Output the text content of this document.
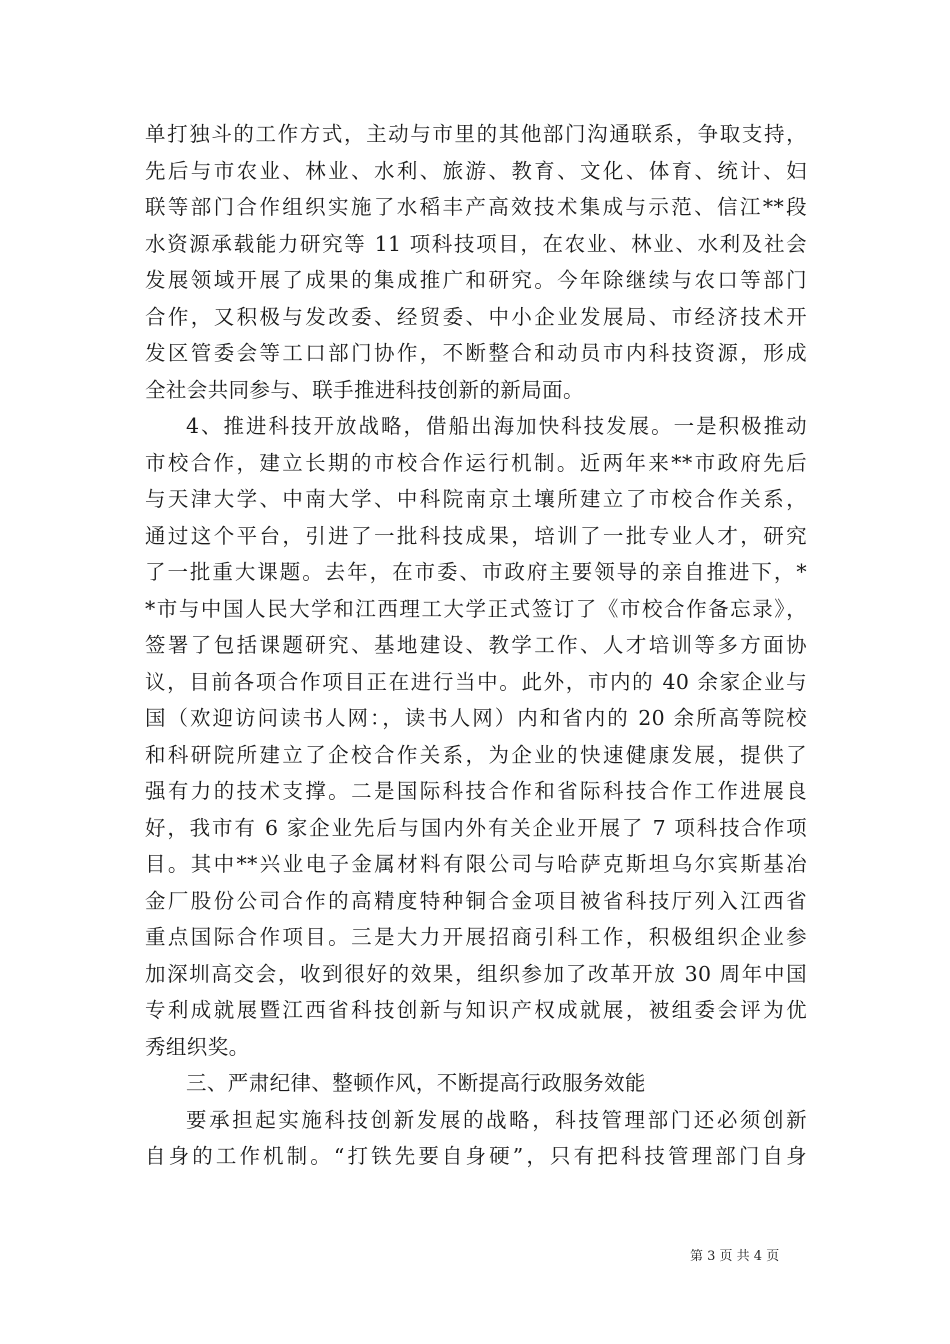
单打独斗的工作方式，主动与市里的其他部门沟通联系，争取支持，
先后与市农业、林业、水利、旅游、教育、文化、体育、统计、妇
联等部门合作组织实施了水稻丰产高效技术集成与示范、信江**段
水资源承载能力研究等 11 项科技项目，在农业、林业、水利及社会
发展领域开展了成果的集成推广和研究。今年除继续与农口等部门
合作，又积极与发改委、经贸委、中小企业发展局、市经济技术开
发区管委会等工口部门协作，不断整合和动员市内科技资源，形成
全社会共同参与、联手推进科技创新的新局面。
4、推进科技开放战略，借船出海加快科技发展。一是积极推动
市校合作，建立长期的市校合作运行机制。近两年来**市政府先后
与天津大学、中南大学、中科院南京土壤所建立了市校合作关系，
通过这个平台，引进了一批科技成果，培训了一批专业人才，研究
了一批重大课题。去年，在市委、市政府主要领导的亲自推进下，*
*市与中国人民大学和江西理工大学正式签订了《市校合作备忘录》，
签署了包括课题研究、基地建设、教学工作、人才培训等多方面协
议，目前各项合作项目正在进行当中。此外，市内的 40 余家企业与
国（欢迎访问读书人网：，读书人网）内和省内的 20 余所高等院校
和科研院所建立了企校合作关系，为企业的快速健康发展，提供了
强有力的技术支撑。二是国际科技合作和省际科技合作工作进展良
好，我市有 6 家企业先后与国内外有关企业开展了 7 项科技合作项
目。其中**兴业电子金属材料有限公司与哈萨克斯坦乌尔宾斯基冶
金厂股份公司合作的高精度特种铜合金项目被省科技厅列入江西省
重点国际合作项目。三是大力开展招商引科工作，积极组织企业参
加深圳高交会，收到很好的效果，组织参加了改革开放 30 周年中国
专利成就展暨江西省科技创新与知识产权成就展，被组委会评为优
秀组织奖。
三、严肃纪律、整顿作风，不断提高行政服务效能
要承担起实施科技创新发展的战略，科技管理部门还必须创新
自身的工作机制。“打铁先要自身硬”，只有把科技管理部门自身
第 3 页 共 4 页
